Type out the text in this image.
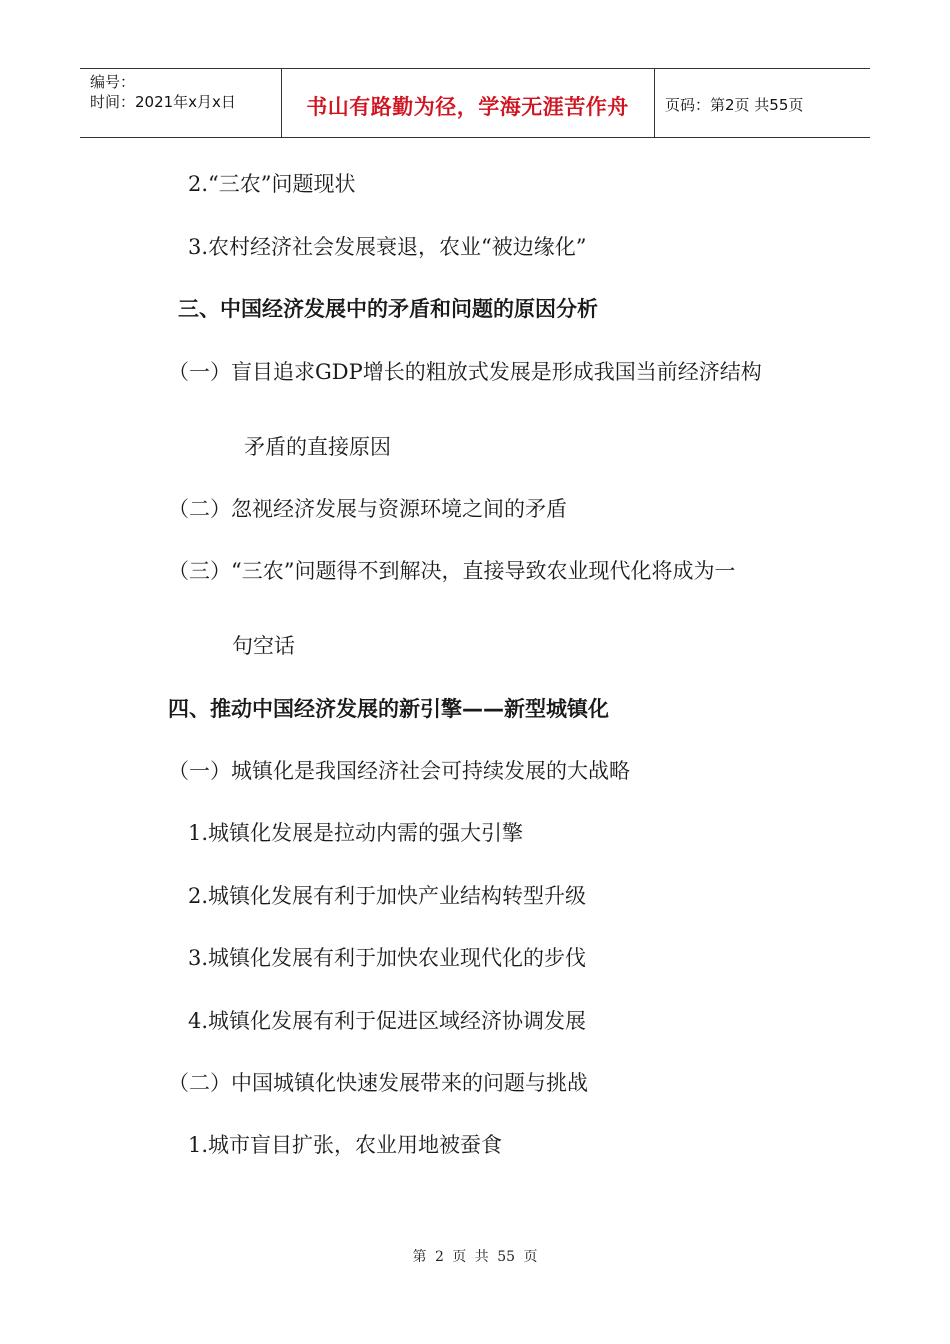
编号：
时间：2021年x月x日	书山有路勤为径，学海无涯苦作舟	页码：第2页 共55页
2.“三农”问题现状
3.农村经济社会发展衰退，农业“被边缘化”
三、中国经济发展中的矛盾和问题的原因分析
（一）盲目追求GDP增长的粗放式发展是形成我国当前经济结构
矛盾的直接原因
（二）忽视经济发展与资源环境之间的矛盾
（三）“三农”问题得不到解决，直接导致农业现代化将成为一
句空话
四、推动中国经济发展的新引擎——新型城镇化
（一）城镇化是我国经济社会可持续发展的大战略
1.城镇化发展是拉动内需的强大引擎
2.城镇化发展有利于加快产业结构转型升级
3.城镇化发展有利于加快农业现代化的步伐
4.城镇化发展有利于促进区域经济协调发展
（二）中国城镇化快速发展带来的问题与挑战
1.城市盲目扩张，农业用地被蚕食
第 2 页 共 55 页
